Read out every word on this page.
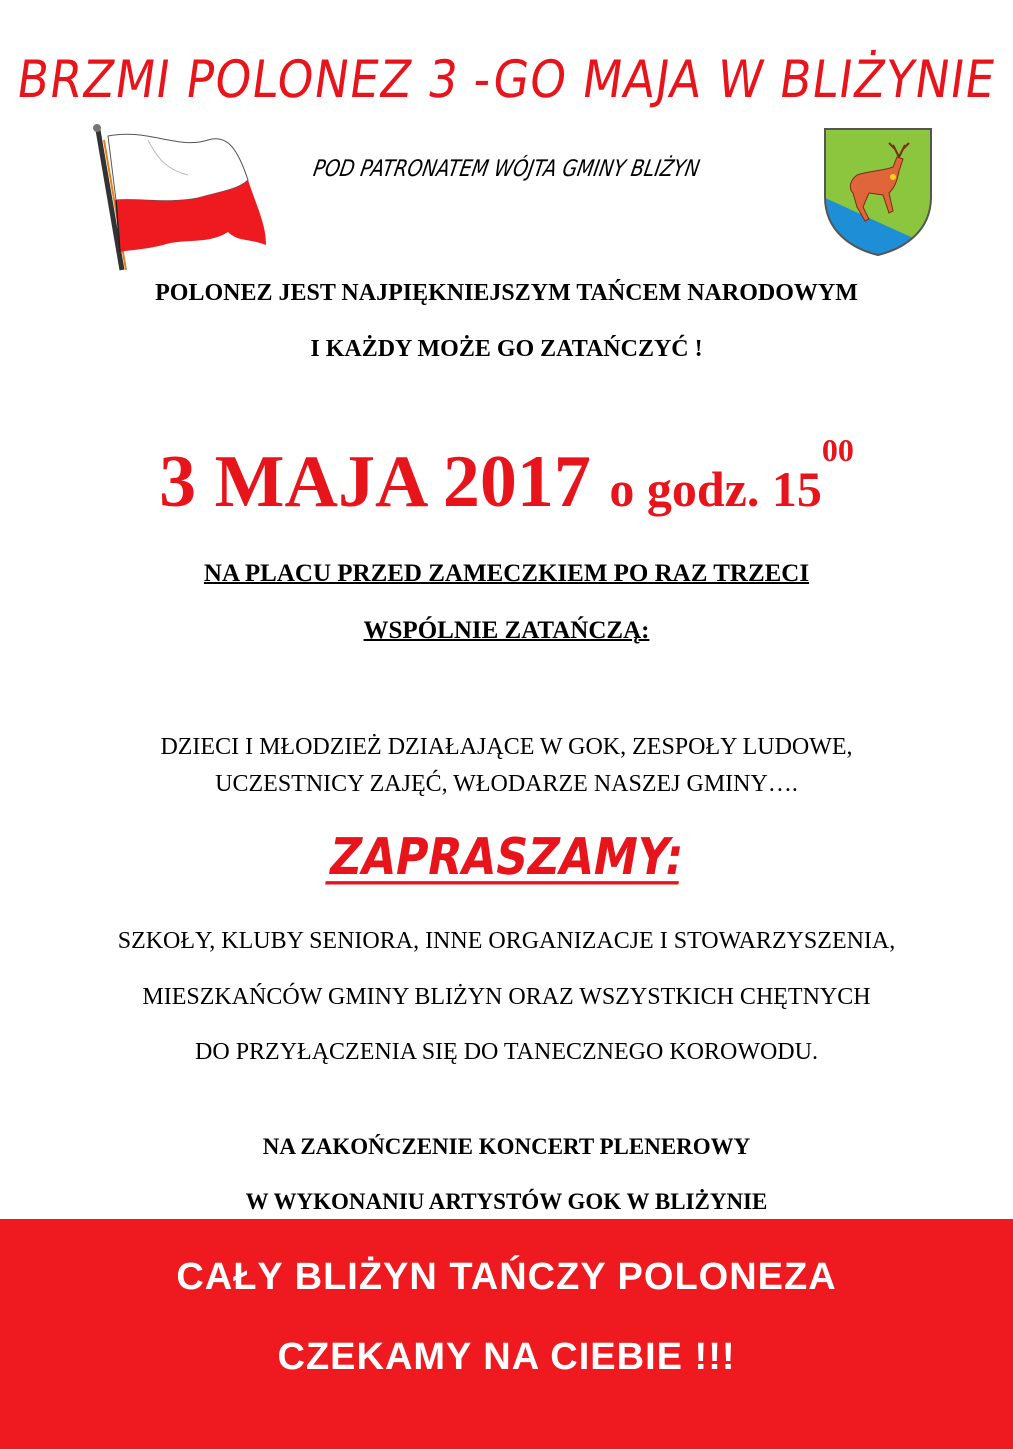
BRZMI POLONEZ 3 -GO MAJA W BLIŻYNIE
POD PATRONATEM WÓJTA GMINY BLIŻYN
POLONEZ JEST NAJPIĘKNIEJSZYM TAŃCEM NARODOWYM
I KAŻDY MOŻE GO ZATAŃCZYĆ !
3 MAJA 2017 o godz. $15^{00}$
NA PLACU PRZED ZAMECZKIEM PO RAZ TRZECI
WSPÓLNIE ZATAŃCZĄ:
DZIECI I MŁODZIEŻ DZIAŁAJĄCE W GOK, ZESPOŁY LUDOWE,
UCZESTNICY ZAJĘĆ, WŁODARZE NASZEJ GMINY….
ZAPRASZAMY:
SZKOŁY, KLUBY SENIORA, INNE ORGANIZACJE I STOWARZYSZENIA,
MIESZKAŃCÓW GMINY BLIŻYN ORAZ WSZYSTKICH CHĘTNYCH
DO PRZYŁĄCZENIA SIĘ DO TANECZNEGO KOROWODU.
NA ZAKOŃCZENIE KONCERT PLENEROWY
W WYKONANIU ARTYSTÓW GOK W BLIŻYNIE
CAŁY BLIŻYN TAŃCZY POLONEZA
CZEKAMY NA CIEBIE !!!
